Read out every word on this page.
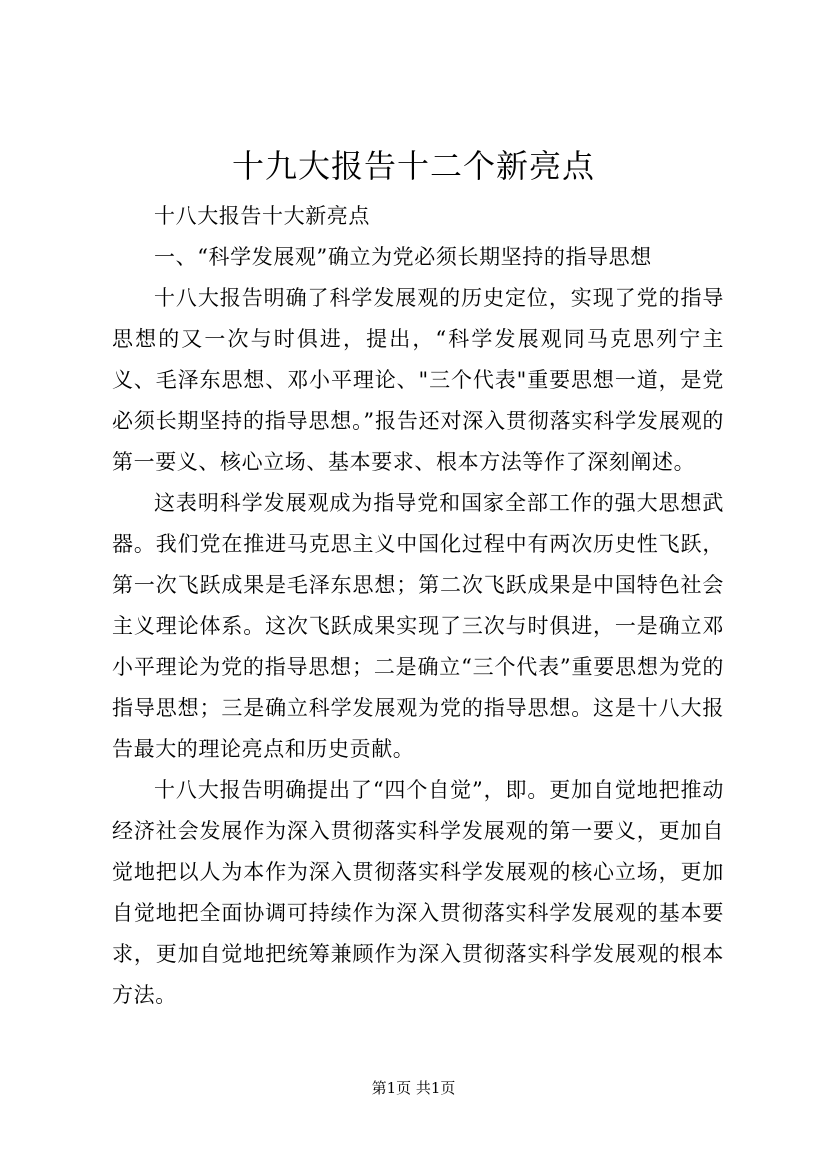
十九大报告十二个新亮点

十八大报告十大新亮点

一、“科学发展观”确立为党必须长期坚持的指导思想

十八大报告明确了科学发展观的历史定位，实现了党的指导思想的又一次与时俱进，提出，“科学发展观同马克思列宁主义、毛泽东思想、邓小平理论、"三个代表"重要思想一道，是党必须长期坚持的指导思想。”报告还对深入贯彻落实科学发展观的第一要义、核心立场、基本要求、根本方法等作了深刻阐述。

这表明科学发展观成为指导党和国家全部工作的强大思想武器。我们党在推进马克思主义中国化过程中有两次历史性飞跃，第一次飞跃成果是毛泽东思想；第二次飞跃成果是中国特色社会主义理论体系。这次飞跃成果实现了三次与时俱进，一是确立邓小平理论为党的指导思想；二是确立“三个代表”重要思想为党的指导思想；三是确立科学发展观为党的指导思想。这是十八大报告最大的理论亮点和历史贡献。

十八大报告明确提出了“四个自觉”，即。更加自觉地把推动经济社会发展作为深入贯彻落实科学发展观的第一要义，更加自觉地把以人为本作为深入贯彻落实科学发展观的核心立场，更加自觉地把全面协调可持续作为深入贯彻落实科学发展观的基本要求，更加自觉地把统筹兼顾作为深入贯彻落实科学发展观的根本方法。

第1页 共1页
